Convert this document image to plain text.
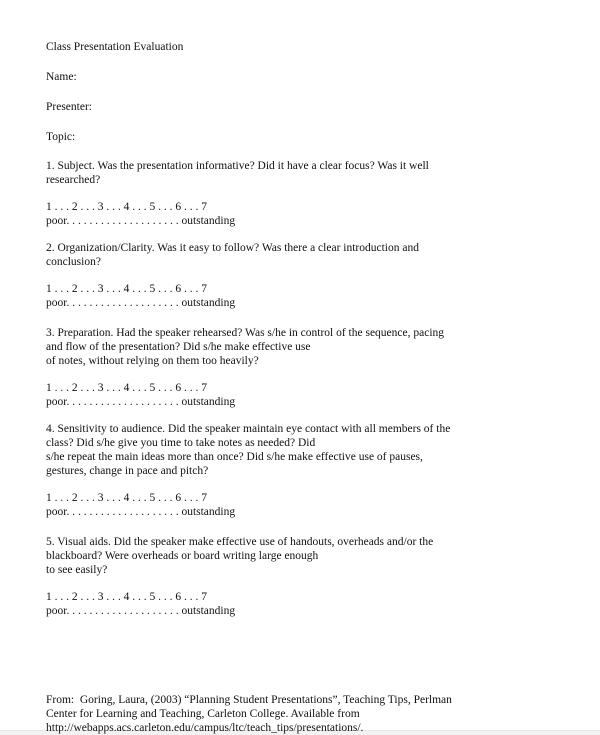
Class Presentation Evaluation

Name:

Presenter:

Topic:

1. Subject. Was the presentation informative? Did it have a clear focus? Was it well

researched?

1 . . . 2 . . . 3 . . . 4 . . . 5 . . . 6 . . . 7

poor. . . . . . . . . . . . . . . . . . . . outstanding

2. Organization/Clarity. Was it easy to follow? Was there a clear introduction and

conclusion?

1 . . . 2 . . . 3 . . . 4 . . . 5 . . . 6 . . . 7

poor. . . . . . . . . . . . . . . . . . . . outstanding

3. Preparation. Had the speaker rehearsed? Was s/he in control of the sequence, pacing

and flow of the presentation? Did s/he make effective use

of notes, without relying on them too heavily?

1 . . . 2 . . . 3 . . . 4 . . . 5 . . . 6 . . . 7

poor. . . . . . . . . . . . . . . . . . . . outstanding

4. Sensitivity to audience. Did the speaker maintain eye contact with all members of the

class? Did s/he give you time to take notes as needed? Did

s/he repeat the main ideas more than once? Did s/he make effective use of pauses,

gestures, change in pace and pitch?

1 . . . 2 . . . 3 . . . 4 . . . 5 . . . 6 . . . 7

poor. . . . . . . . . . . . . . . . . . . . outstanding

5. Visual aids. Did the speaker make effective use of handouts, overheads and/or the

blackboard? Were overheads or board writing large enough

to see easily?

1 . . . 2 . . . 3 . . . 4 . . . 5 . . . 6 . . . 7

poor. . . . . . . . . . . . . . . . . . . . outstanding

From:  Goring, Laura, (2003) “Planning Student Presentations”, Teaching Tips, Perlman

Center for Learning and Teaching, Carleton College. Available from

http://webapps.acs.carleton.edu/campus/ltc/teach_tips/presentations/.
